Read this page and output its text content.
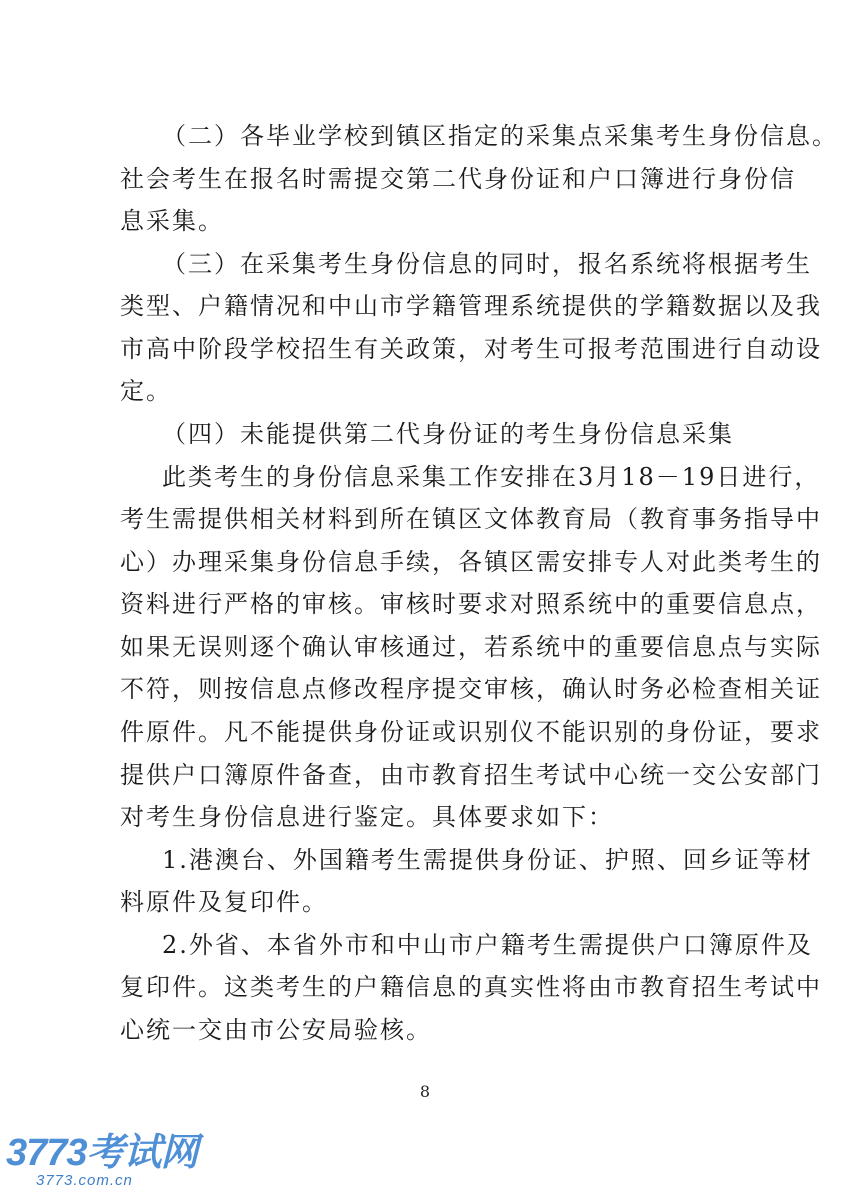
（二）各毕业学校到镇区指定的采集点采集考生身份信息。
社会考生在报名时需提交第二代身份证和户口簿进行身份信
息采集。
（三）在采集考生身份信息的同时，报名系统将根据考生
类型、户籍情况和中山市学籍管理系统提供的学籍数据以及我
市高中阶段学校招生有关政策，对考生可报考范围进行自动设
定。
（四）未能提供第二代身份证的考生身份信息采集
此类考生的身份信息采集工作安排在3月18－19日进行，
考生需提供相关材料到所在镇区文体教育局（教育事务指导中
心）办理采集身份信息手续，各镇区需安排专人对此类考生的
资料进行严格的审核。审核时要求对照系统中的重要信息点，
如果无误则逐个确认审核通过，若系统中的重要信息点与实际
不符，则按信息点修改程序提交审核，确认时务必检查相关证
件原件。凡不能提供身份证或识别仪不能识别的身份证，要求
提供户口簿原件备查，由市教育招生考试中心统一交公安部门
对考生身份信息进行鉴定。具体要求如下：
1.港澳台、外国籍考生需提供身份证、护照、回乡证等材
料原件及复印件。
2.外省、本省外市和中山市户籍考生需提供户口簿原件及
复印件。这类考生的户籍信息的真实性将由市教育招生考试中
心统一交由市公安局验核。
8
3773考试网
3773.com.cn
